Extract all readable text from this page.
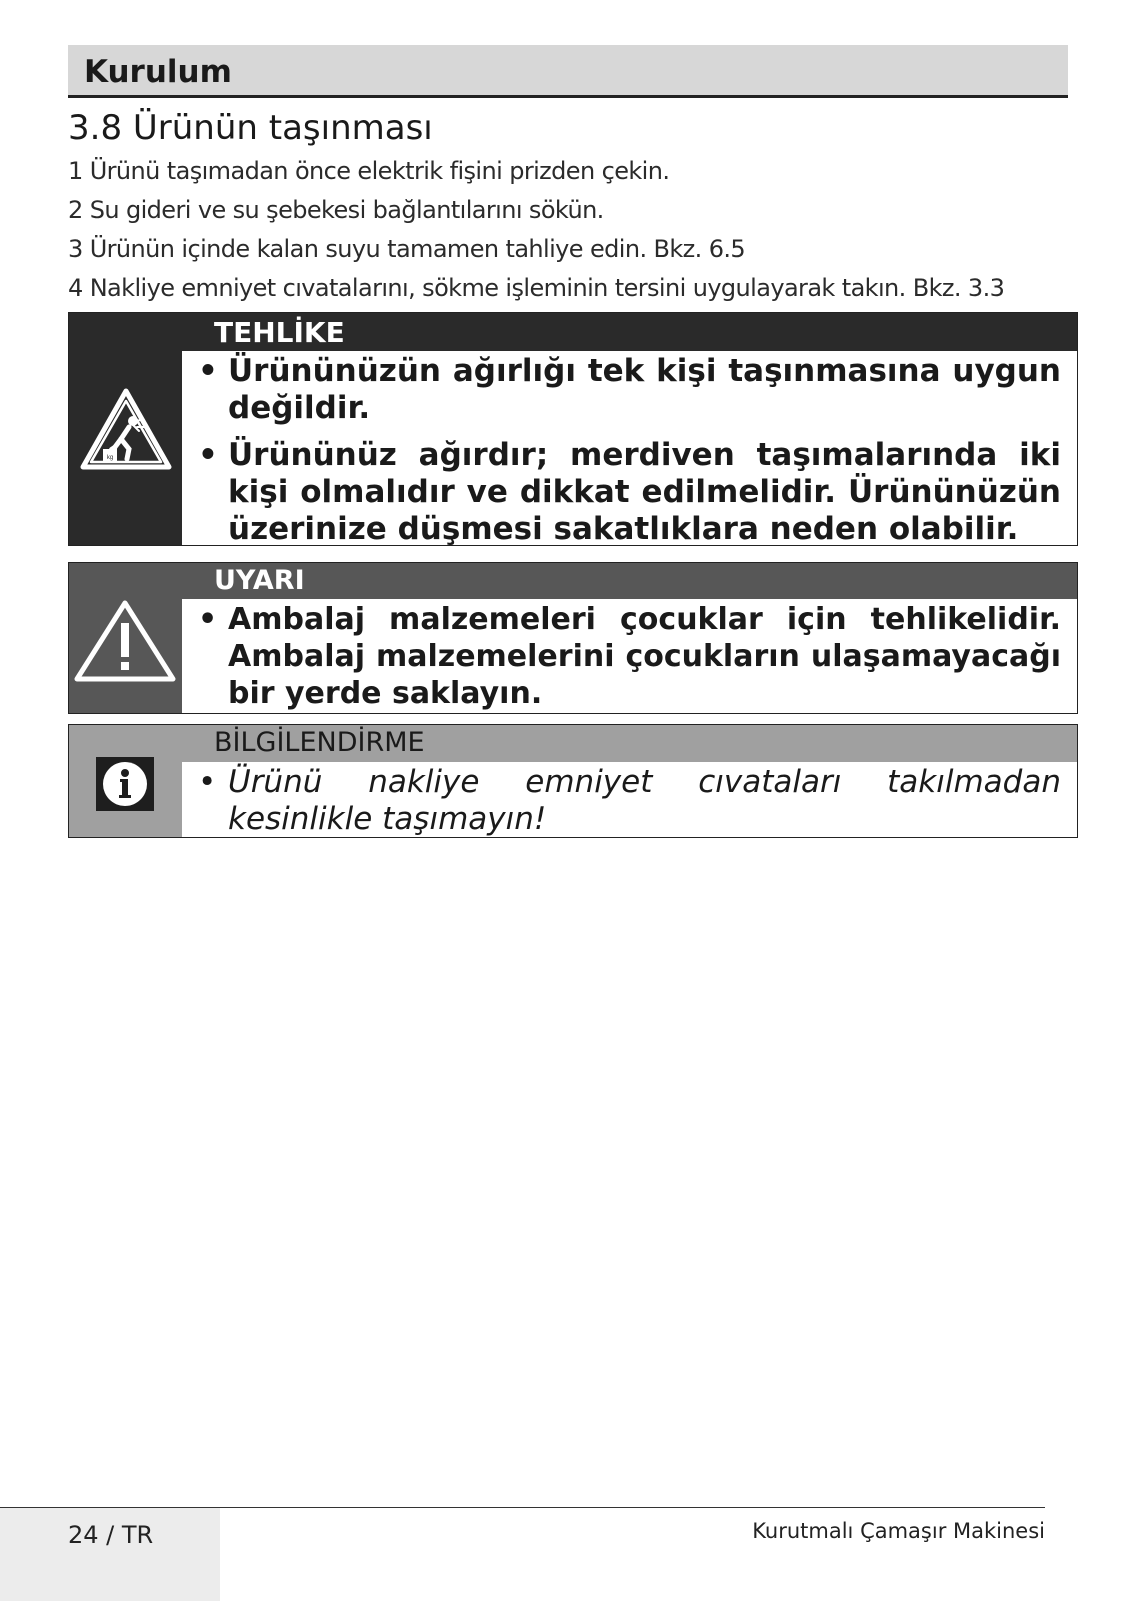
Kurulum
3.8 Ürünün taşınması
1 Ürünü taşımadan önce elektrik fişini prizden çekin.
2 Su gideri ve su şebekesi bağlantılarını sökün.
3 Ürünün içinde kalan suyu tamamen tahliye edin. Bkz. 6.5
4 Nakliye emniyet cıvatalarını, sökme işleminin tersini uygulayarak takın. Bkz. 3.3
kg
TEHLİKE
• Ürününüzün ağırlığı tek kişi taşınmasına uygun değildir.
• Ürününüz ağırdır; merdiven taşımalarında iki kişi olmalıdır ve dikkat edilmelidir. Ürününüzün üzerinize düşmesi sakatlıklara neden olabilir.
UYARI
• Ambalaj malzemeleri çocuklar için tehlikelidir. Ambalaj malzemelerini çocukların ulaşamayacağı bir yerde saklayın.
BİLGİLENDİRME
• Ürünü nakliye emniyet cıvataları takılmadan kesinlikle taşımayın!
24 / TR	Kurutmalı Çamaşır Makinesi
